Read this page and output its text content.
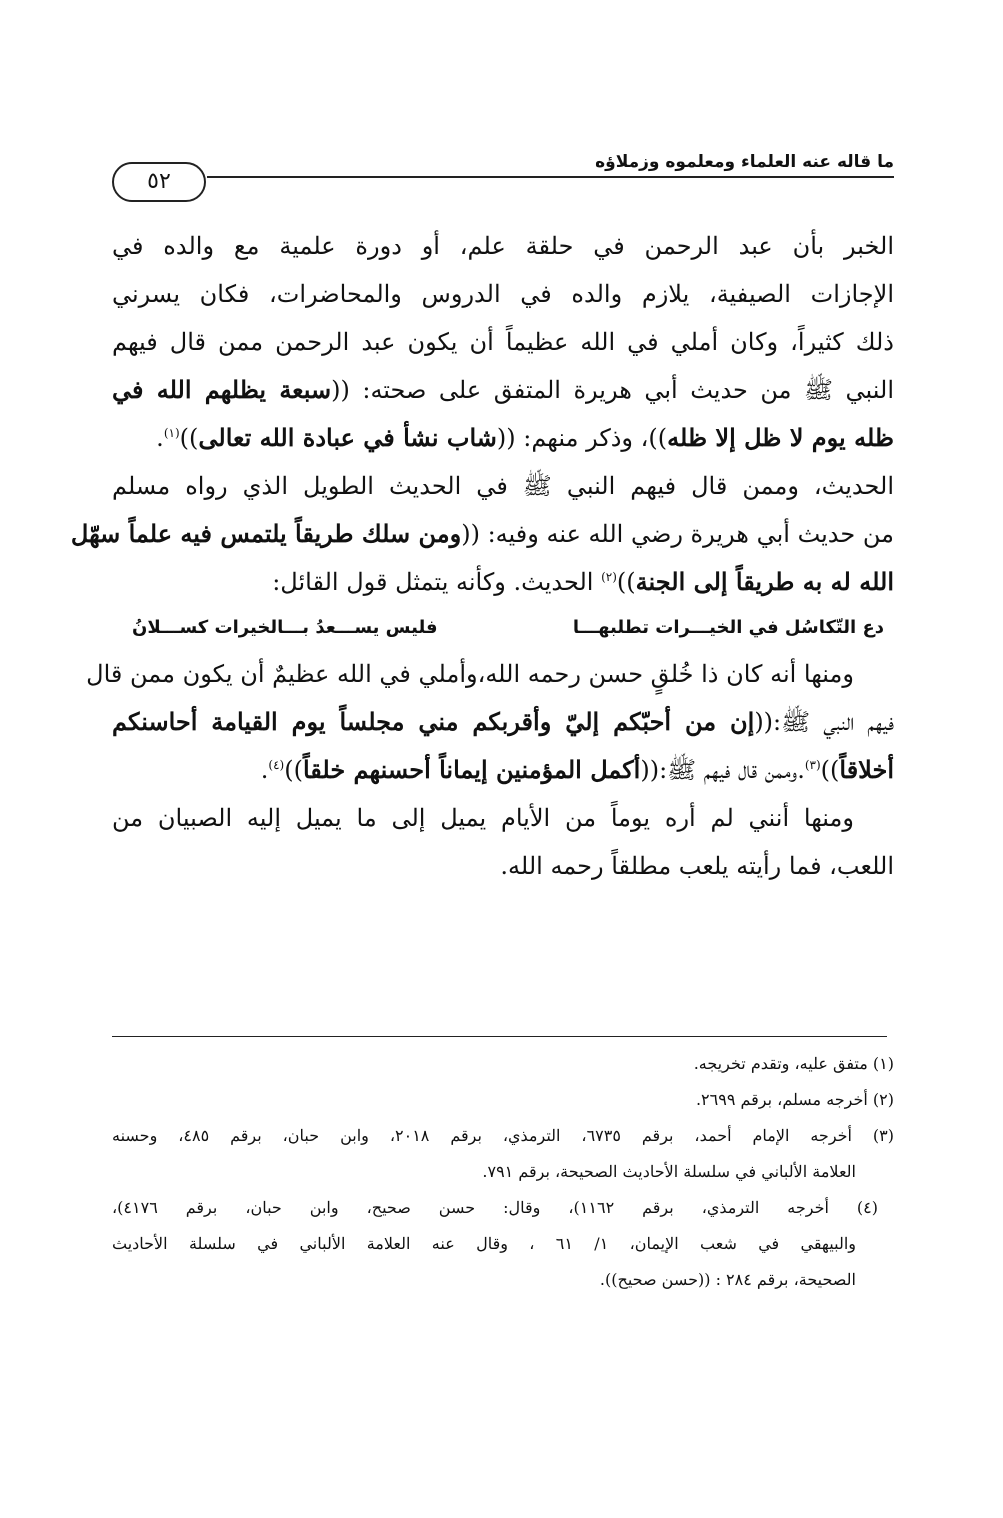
ما قاله عنه العلماء ومعلموه وزملاؤه
٥٢
الخبر بأن عبد الرحمن في حلقة علم، أو دورة علمية مع والده في
الإجازات الصيفية، يلازم والده في الدروس والمحاضرات، فكان يسرني
ذلك كثيراً، وكان أملي في الله عظيماً أن يكون عبد الرحمن ممن قال فيهم
النبي ﷺ من حديث أبي هريرة المتفق على صحته: ((سبعة يظلهم الله في
ظله يوم لا ظل إلا ظله))، وذكر منهم: ((شاب نشأ في عبادة الله تعالى))$^{(١)}$.
الحديث، وممن قال فيهم النبي ﷺ في الحديث الطويل الذي رواه مسلم
من حديث أبي هريرة رضي الله عنه وفيه: ((ومن سلك طريقاً يلتمس فيه علماً سهّل
الله له به طريقاً إلى الجنة))$^{(٢)}$ الحديث. وكأنه يتمثل قول القائل:
دع التّكاسُل في الخيـــرات تطلبهـــا
فليس يســـعدُ بـــالخيرات كســـلانُ
ومنها أنه كان ذا خُلقٍ حسن رحمه الله،وأملي في الله عظيمٌ أن يكون ممن قال
فيهم النبي ﷺ:((إن من أحبّكم إليّ وأقربكم مني مجلساً يوم القيامة أحاسنكم
أخلاقاً))$^{(٣)}$.وممن قال فيهم ﷺ:((أكمل المؤمنين إيماناً أحسنهم خلقاً))$^{(٤)}$.
ومنها أنني لم أره يوماً من الأيام يميل إلى ما يميل إليه الصبيان من
اللعب، فما رأيته يلعب مطلقاً رحمه الله.
(١) متفق عليه، وتقدم تخريجه.
(٢) أخرجه مسلم، برقم ٢٦٩٩.
(٣) أخرجه الإمام أحمد، برقم ٦٧٣٥، الترمذي، برقم ٢٠١٨، وابن حبان، برقم ٤٨٥، وحسنه
العلامة الألباني في سلسلة الأحاديث الصحيحة، برقم ٧٩١.
(٤) أخرجه الترمذي، برقم ١١٦٢)، وقال: حسن صحيح، وابن حبان، برقم ٤١٧٦)،
والبيهقي في شعب الإيمان، ١/ ٦١ ، وقال عنه العلامة الألباني في سلسلة الأحاديث
الصحيحة، برقم ٢٨٤ : ((حسن صحيح)).
